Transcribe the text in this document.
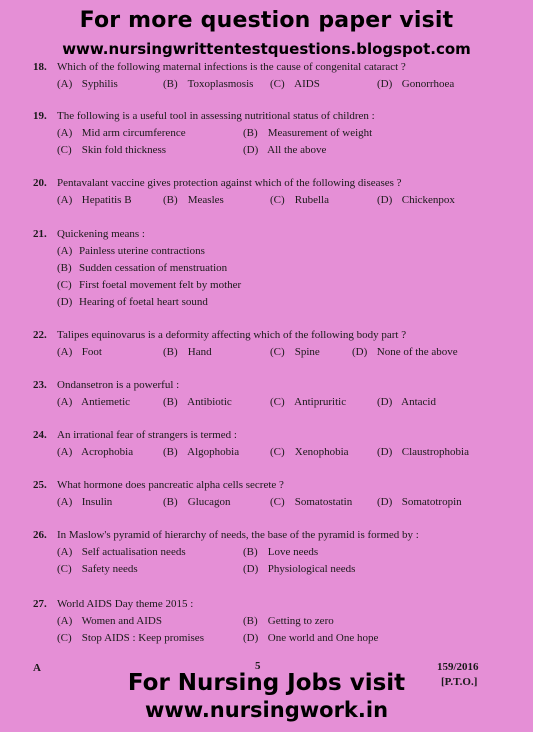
For more question paper visit
www.nursingwrittentestquestions.blogspot.com
18. Which of the following maternal infections is the cause of congenital cataract ?
(A) Syphilis	(B) Toxoplasmosis (C) AIDS	(D) Gonorrhoea
19. The following is a useful tool in assessing nutritional status of children :
(A) Mid arm circumference	(B) Measurement of weight
(C) Skin fold thickness	(D) All the above
20. Pentavalant vaccine gives protection against which of the following diseases ?
(A) Hepatitis B	(B) Measles	(C) Rubella	(D) Chickenpox
21. Quickening means :
(A) Painless uterine contractions
(B) Sudden cessation of menstruation
(C) First foetal movement felt by mother
(D) Hearing of foetal heart sound
22. Talipes equinovarus is a deformity affecting which of the following body part ?
(A) Foot	(B) Hand	(C) Spine	(D) None of the above
23. Ondansetron is a powerful :
(A) Antiemetic	(B) Antibiotic	(C) Antipruritic	(D) Antacid
24. An irrational fear of strangers is termed :
(A) Acrophobia	(B) Algophobia	(C) Xenophobia	(D) Claustrophobia
25. What hormone does pancreatic alpha cells secrete ?
(A) Insulin	(B) Glucagon	(C) Somatostatin (D) Somatotropin
26. In Maslow's pyramid of hierarchy of needs, the base of the pyramid is formed by :
(A) Self actualisation needs	(B) Love needs
(C) Safety needs	(D) Physiological needs
27. World AIDS Day theme 2015 :
(A) Women and AIDS	(B) Getting to zero
(C) Stop AIDS : Keep promises	(D) One world and One hope
A	5	159/2016
[P.T.O.]
For Nursing Jobs visit
www.nursingwork.in
